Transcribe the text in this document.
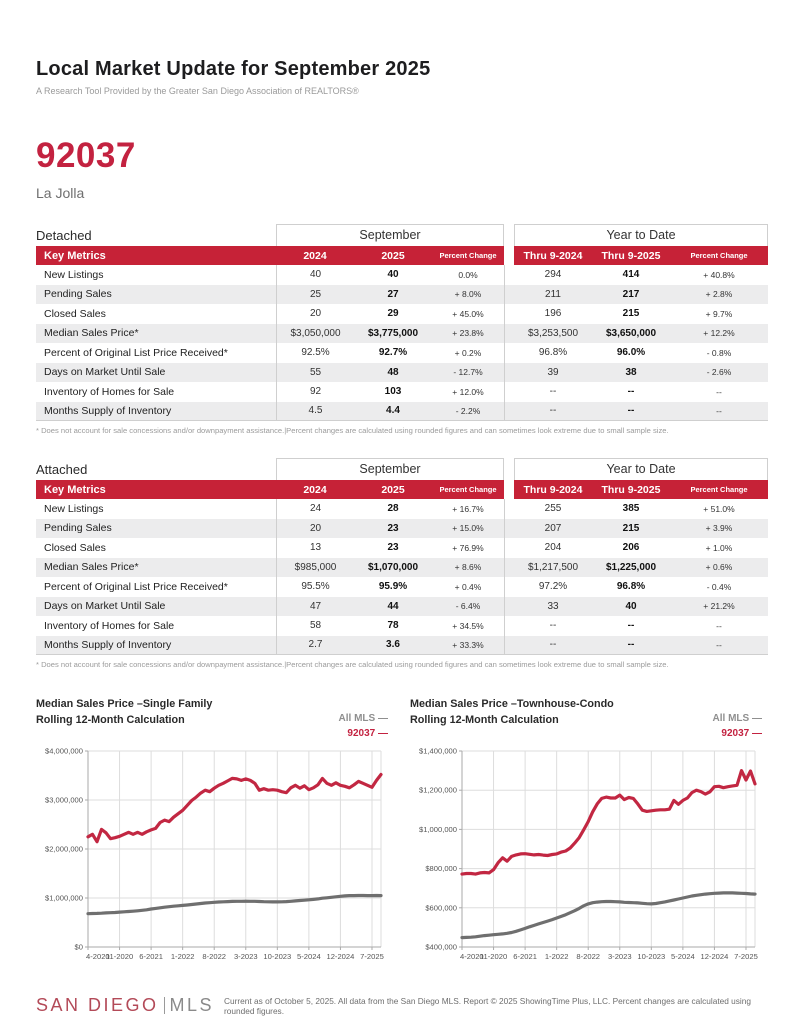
Local Market Update for September 2025
A Research Tool Provided by the Greater San Diego Association of REALTORS®
92037
La Jolla
Detached	September	Year to Date
Key Metrics	2024	2025	Percent Change	Thru 9-2024	Thru 9-2025	Percent Change
New Listings	40	40	0.0%	294	414	+ 40.8%
Pending Sales	25	27	+ 8.0%	211	217	+ 2.8%
Closed Sales	20	29	+ 45.0%	196	215	+ 9.7%
Median Sales Price*	$3,050,000	$3,775,000	+ 23.8%	$3,253,500	$3,650,000	+ 12.2%
Percent of Original List Price Received*	92.5%	92.7%	+ 0.2%	96.8%	96.0%	- 0.8%
Days on Market Until Sale	55	48	- 12.7%	39	38	- 2.6%
Inventory of Homes for Sale	92	103	+ 12.0%	--	--	--
Months Supply of Inventory	4.5	4.4	- 2.2%	--	--	--
* Does not account for sale concessions and/or downpayment assistance.|Percent changes are calculated using rounded figures and can sometimes look extreme due to small sample size.
Attached	September	Year to Date
Key Metrics	2024	2025	Percent Change	Thru 9-2024	Thru 9-2025	Percent Change
New Listings	24	28	+ 16.7%	255	385	+ 51.0%
Pending Sales	20	23	+ 15.0%	207	215	+ 3.9%
Closed Sales	13	23	+ 76.9%	204	206	+ 1.0%
Median Sales Price*	$985,000	$1,070,000	+ 8.6%	$1,217,500	$1,225,000	+ 0.6%
Percent of Original List Price Received*	95.5%	95.9%	+ 0.4%	97.2%	96.8%	- 0.4%
Days on Market Until Sale	47	44	- 6.4%	33	40	+ 21.2%
Inventory of Homes for Sale	58	78	+ 34.5%	--	--	--
Months Supply of Inventory	2.7	3.6	+ 33.3%	--	--	--
* Does not account for sale concessions and/or downpayment assistance.|Percent changes are calculated using rounded figures and can sometimes look extreme due to small sample size.
Median Sales Price –Single Family
Rolling 12-Month Calculation	All MLS —
92037 —
$0
$1,000,000
$2,000,000
$3,000,000
$4,000,000
4-2020
11-2020 6-2021 1-2022 8-2022 3-2023 10-2023 5-2024 12-2024 7-2025
Median Sales Price –Townhouse-Condo
Rolling 12-Month Calculation	All MLS —
92037 —
$400,000
$600,000
$800,000
$1,000,000
$1,200,000
$1,400,000
4-2020
11-2020 6-2021 1-2022 8-2022 3-2023 10-2023 5-2024 12-2024 7-2025
SAN DIEGO MLS Current as of October 5, 2025. All data from the San Diego MLS. Report © 2025 ShowingTime Plus, LLC. Percent changes are calculated using rounded figures.
